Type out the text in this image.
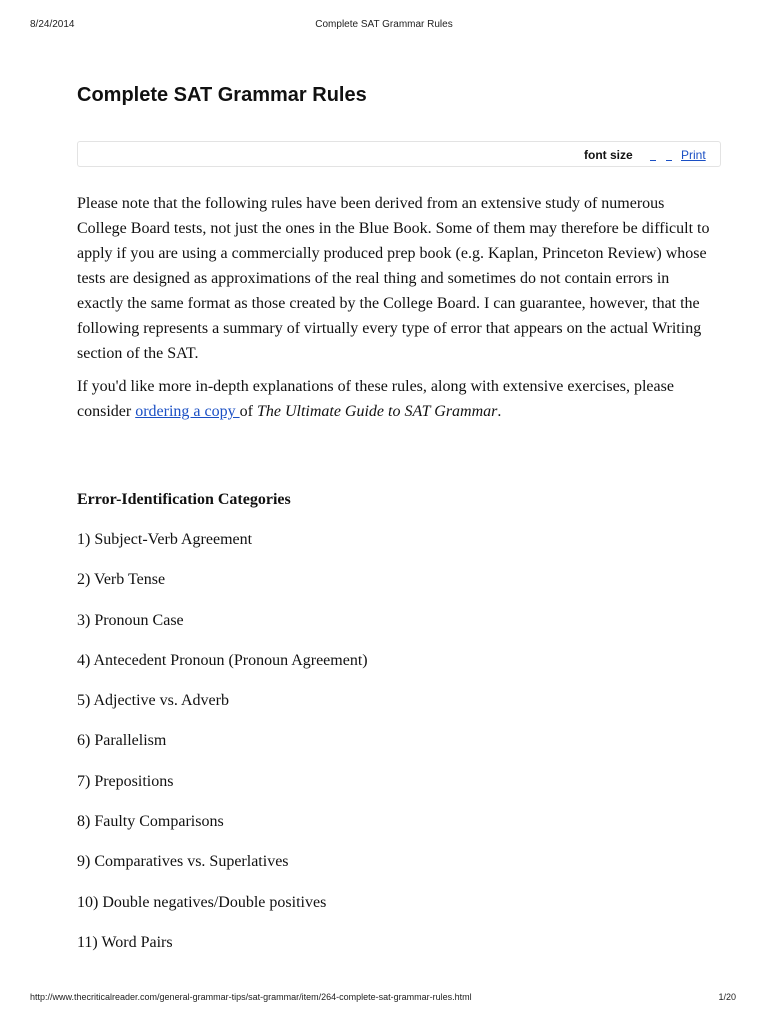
8/24/2014	Complete SAT Grammar Rules
Complete SAT Grammar Rules
font size	Print

Please note that the following rules have been derived from an extensive study of numerous College Board tests, not just the ones in the Blue Book. Some of them may therefore be difficult to apply if you are using a commercially produced prep book (e.g. Kaplan, Princeton Review) whose tests are designed as approximations of the real thing and sometimes do not contain errors in exactly the same format as those created by the College Board. I can guarantee, however, that the following represents a summary of virtually every type of error that appears on the actual Writing section of the SAT.

If you'd like more in-depth explanations of these rules, along with extensive exercises, please consider ordering a copy of The Ultimate Guide to SAT Grammar.

Error-Identification Categories
1) Subject-Verb Agreement
2) Verb Tense
3) Pronoun Case
4) Antecedent Pronoun (Pronoun Agreement)
5) Adjective vs. Adverb
6) Parallelism
7) Prepositions
8) Faulty Comparisons
9) Comparatives vs. Superlatives
10) Double negatives/Double positives
11) Word Pairs
http://www.thecriticalreader.com/general-grammar-tips/sat-grammar/item/264-complete-sat-grammar-rules.html	1/20
